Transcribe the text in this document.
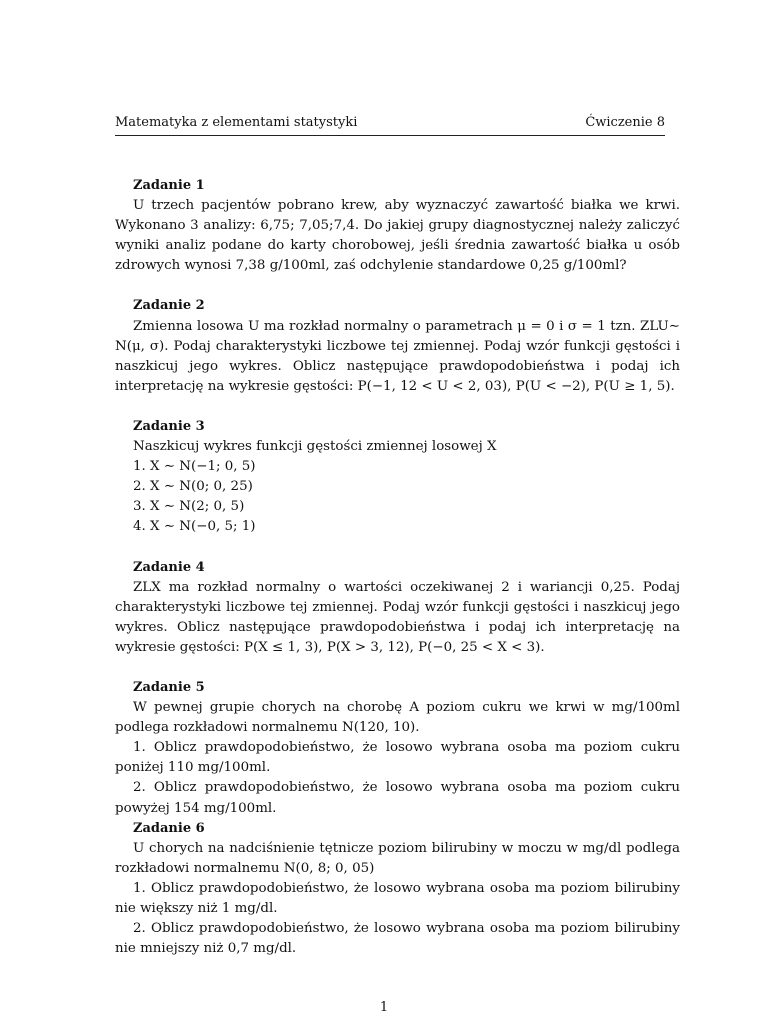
Matematyka z elementami statystyki	Ćwiczenie 8

Zadanie 1

U trzech pacjentów pobrano krew, aby wyznaczyć zawartość białka we krwi. Wykonano 3 analizy: 6,75; 7,05;7,4. Do jakiej grupy diagnostycznej należy zaliczyć wyniki analiz podane do karty chorobowej, jeśli średnia zawartość białka u osób zdrowych wynosi 7,38 g/100ml, zaś odchylenie standardowe 0,25 g/100ml?

Zadanie 2

Zmienna losowa U ma rozkład normalny o parametrach μ = 0 i σ = 1 tzn. ZLU∼ N(μ, σ). Podaj charakterystyki liczbowe tej zmiennej. Podaj wzór funkcji gęstości i naszkicuj jego wykres. Oblicz następujące prawdopodobieństwa i podaj ich interpretację na wykresie gęstości: P(−1, 12 < U < 2, 03), P(U < −2), P(U ≥ 1, 5).

Zadanie 3

Naszkicuj wykres funkcji gęstości zmiennej losowej X

1. X ∼ N(−1; 0, 5)

2. X ∼ N(0; 0, 25)

3. X ∼ N(2; 0, 5)

4. X ∼ N(−0, 5; 1)

Zadanie 4

ZLX ma rozkład normalny o wartości oczekiwanej 2 i wariancji 0,25. Podaj charakterystyki liczbowe tej zmiennej. Podaj wzór funkcji gęstości i naszkicuj jego wykres. Oblicz następujące prawdopodobieństwa i podaj ich interpretację na wykresie gęstości: P(X ≤ 1, 3), P(X > 3, 12), P(−0, 25 < X < 3).

Zadanie 5

W pewnej grupie chorych na chorobę A poziom cukru we krwi w mg/100ml podlega rozkładowi normalnemu N(120, 10).

1. Oblicz prawdopodobieństwo, że losowo wybrana osoba ma poziom cukru poniżej 110 mg/100ml.

2. Oblicz prawdopodobieństwo, że losowo wybrana osoba ma poziom cukru powyżej 154 mg/100ml.

Zadanie 6

U chorych na nadciśnienie tętnicze poziom bilirubiny w moczu w mg/dl podlega rozkładowi normalnemu N(0, 8; 0, 05)

1. Oblicz prawdopodobieństwo, że losowo wybrana osoba ma poziom bilirubiny nie większy niż 1 mg/dl.

2. Oblicz prawdopodobieństwo, że losowo wybrana osoba ma poziom bilirubiny nie mniejszy niż 0,7 mg/dl.

1
